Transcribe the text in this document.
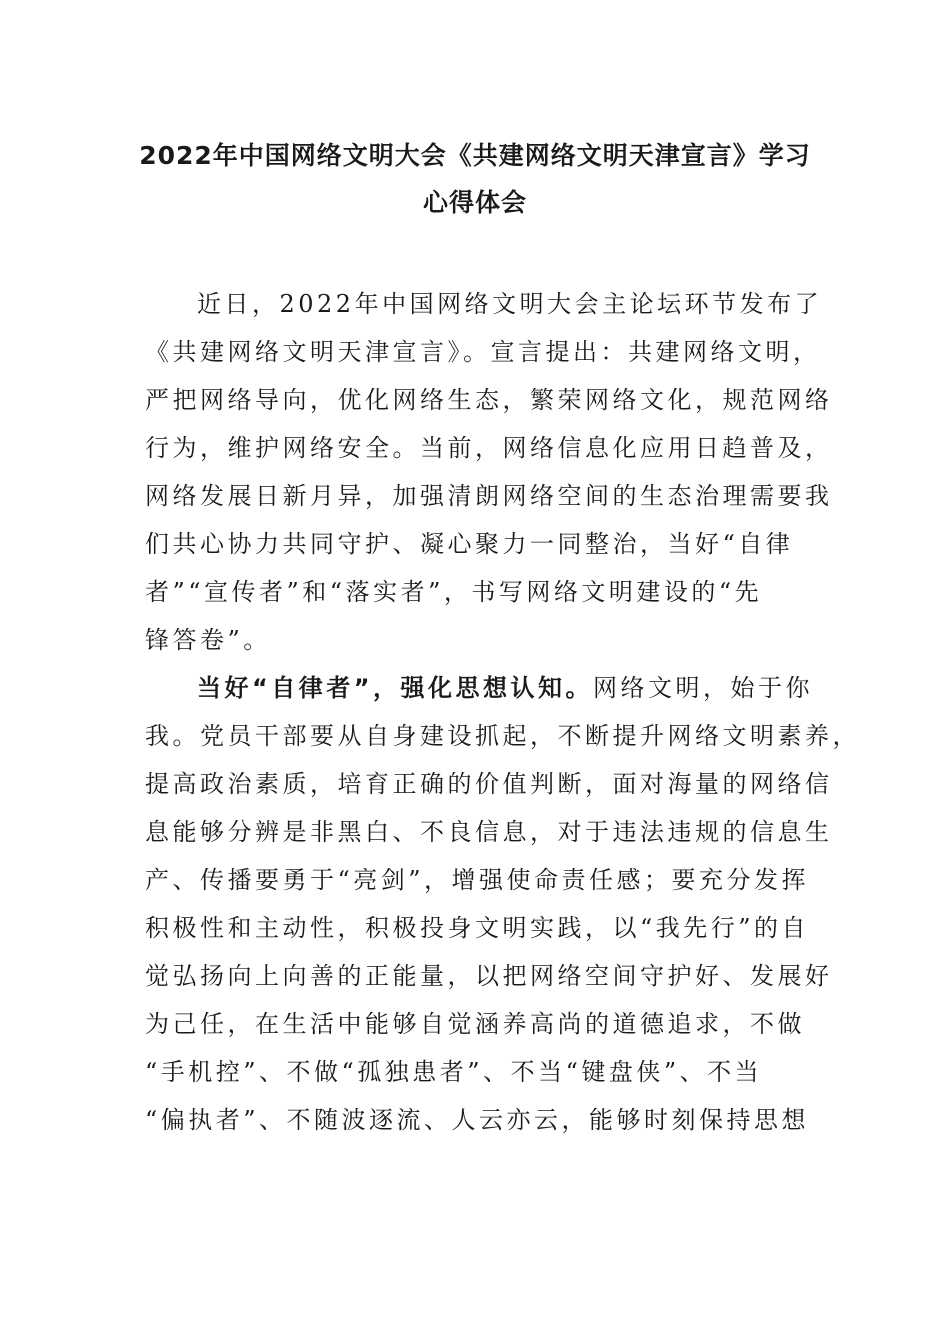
2022年中国网络文明大会《共建网络文明天津宣言》学习
心得体会
近日，2022年中国网络文明大会主论坛环节发布了
《共建网络文明天津宣言》。宣言提出：共建网络文明，
严把网络导向，优化网络生态，繁荣网络文化，规范网络
行为，维护网络安全。当前，网络信息化应用日趋普及，
网络发展日新月异，加强清朗网络空间的生态治理需要我
们共心协力共同守护、凝心聚力一同整治，当好“自律
者”“宣传者”和“落实者”，书写网络文明建设的“先
锋答卷”。
当好“自律者”，强化思想认知。网络文明，始于你
我。党员干部要从自身建设抓起，不断提升网络文明素养，
提高政治素质，培育正确的价值判断，面对海量的网络信
息能够分辨是非黑白、不良信息，对于违法违规的信息生
产、传播要勇于“亮剑”，增强使命责任感；要充分发挥
积极性和主动性，积极投身文明实践，以“我先行”的自
觉弘扬向上向善的正能量，以把网络空间守护好、发展好
为己任，在生活中能够自觉涵养高尚的道德追求，不做
“手机控”、不做“孤独患者”、不当“键盘侠”、不当
“偏执者”、不随波逐流、人云亦云，能够时刻保持思想
